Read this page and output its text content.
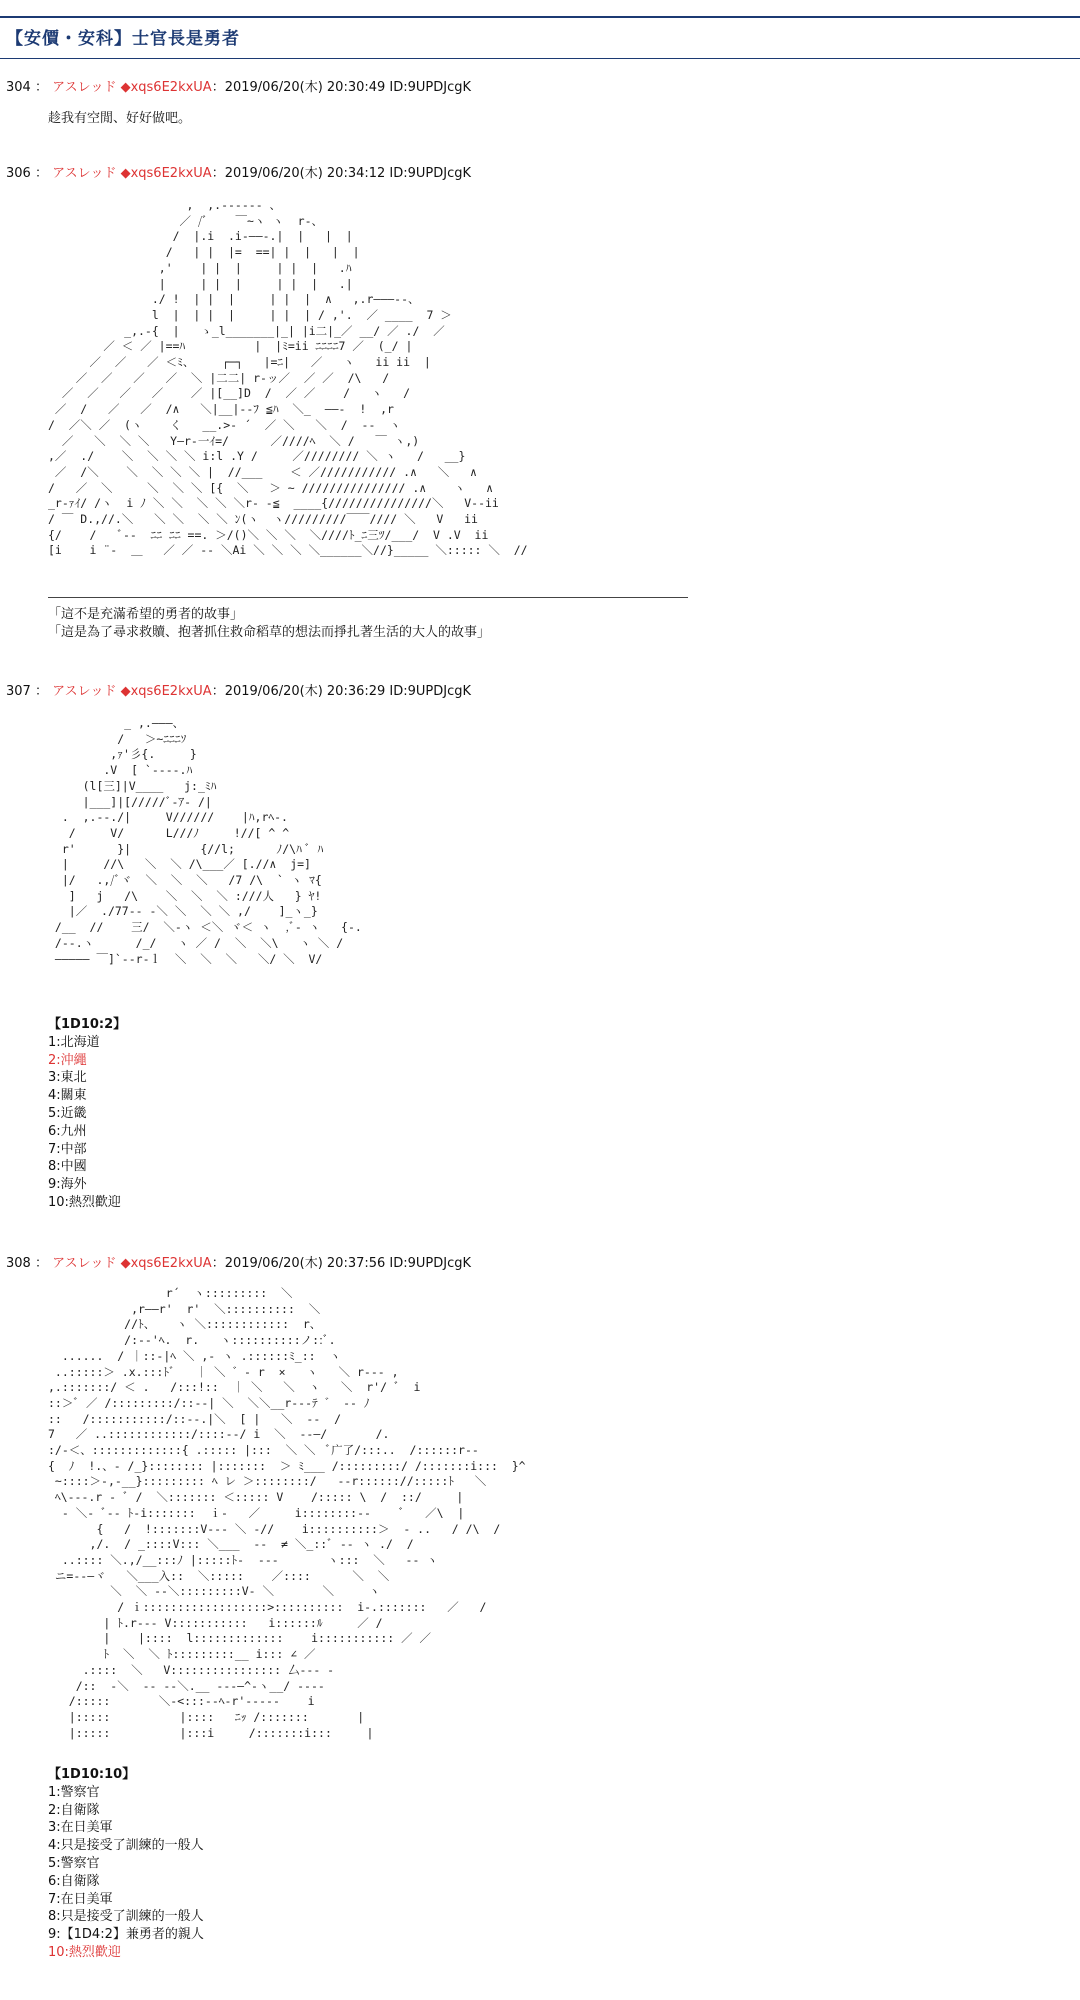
【安價・安科】士官長是勇者
304 ： アスレッド ◆xqs6E2kxUA：2019/06/20(木) 20:30:49 ID:9UPDJcgK
趁我有空閒、好好做吧。
306 ： アスレッド ◆xqs6E2kxUA：2019/06/20(木) 20:34:12 ID:9UPDJcgK
,  ,.-‐‐‐‐‐ 、
／ /ﾞ    ￣~ヽ ヽ  r‐、
/  |.i  .i-――-.|  |   |  |
/   | |  |=  ==| |  |   |  |
,'    | |  |     | |  |   .ﾊ
|     | |  |     | |  |   .|
./ !  | |  |     | |  |  ∧   ,.r―――‐-、
l  |  | |  |     | |  | / ,'.  ／ ____  7 ＞
_,.-{  |   ゝ_l_______|_| |i二|_／ __/ ／ ./  ／
／ ＜ ／ |==ﾊ          |  |ﾐ=ii ﾆﾆﾆﾆ7 ／  (_/ |
／  ／   ／ ＜ﾐ、    ┌─┐   |=ﾆ|   ／   ヽ   ii ii  |
／  ／   ／   ／  ＼ |二二| r‐ッ／  ／ ／  /\   /
／  ／   ／   ／    ／ |[__]D  /  ／ ／    /   ヽ   /
／  /   ／   ／  /∧   ＼|__|‐‐ﾌ ≦ﾊ  ＼_  ――-  !  ,r
/  ／＼ ／  (ヽ    く   __.>‐ ´  ／ ＼   ＼  /  ‐-  ヽ
／   ＼  ＼ ＼   Y―r-一ｲ=/      ／////ﾍ  ＼ /   ￣ ヽ,)
,／  ./    ＼  ＼ ＼ ＼ i:l .Y /     ／//////// ＼ ヽ   /   __}
／  /＼    ＼  ＼ ＼ ＼ |  //___    ＜ ／/////////// .∧   ＼   ∧
/   ／  ＼     ＼  ＼ ＼ [{  ＼   ＞ ~ /////////////// .∧    ヽ   ∧
_r-ｧｲ/ /ヽ  i ﾉ ＼ ＼  ＼ ＼ ＼r‐ ‐≦  ____{///////////////＼   V‐‐ii
/ ￣ D.,//.＼   ＼ ＼  ＼ ＼ ﾝ(ヽ  ヽ/////////￣￣//// ＼   V   ii
{/    /   ﾞ‐‐  ﾆﾆ ﾆﾆ ==. ＞/()＼ ＼ ＼  ＼////ﾄ_ﾆ三ﾂ/___/  V .V  ii
[i    i ¨‐  ＿   ／ ／ ‐‐ ＼Ai ＼ ＼ ＼ ＼______＼//}_____ ＼::::: ＼  //
「這不是充滿希望的勇者的故事」
「這是為了尋求救贖、抱著抓住救命稻草的想法而掙扎著生活的大人的故事」
307 ： アスレッド ◆xqs6E2kxUA：2019/06/20(木) 20:36:29 ID:9UPDJcgK
_ ,.―――、
/   ＞~ﾆﾆﾆｿ
,ｧ'彡{.     }
.V  [ `‐‐‐‐.ﾊ
(l[三]|V____   j:_ﾐﾊ
|___]|[/////ﾞ‐ｱ‐ /|
.  ,.‐‐./|     V//////    |ﾊ,rﾍ‐.
/     V/      L///ﾉ     !//[ ^ ^
r'      }|          {//l;      ﾉ/\ﾊ ﾞ ﾊ
|     //\   ＼  ＼ /\___／ [.//∧  j=]
|/   .,/ﾞヾ  ＼  ＼  ＼   /7 /\  ` ヽ ﾏ{
]   j   /\    ＼  ＼  ＼ :///人   } ﾔ!
|／  ./77‐‐ ‐＼ ＼  ＼ ＼ ,/    ]_ヽ_}
/__  //    三/  ＼‐ヽ ＜＼ ヾ＜ ヽ  ,ﾞ‐ ヽ   {‐.
/‐‐.ヽ      /_/   ヽ ／ /  ＼  ＼\   ヽ ＼ /
――――― ￣]`‐‐r‐ｌ  ＼  ＼  ＼   ＼/ ＼  V/
【1D10:2】
1:北海道
2:沖繩
3:東北
4:關東
5:近畿
6:九州
7:中部
8:中國
9:海外
10:熱烈歡迎
308 ： アスレッド ◆xqs6E2kxUA：2019/06/20(木) 20:37:56 ID:9UPDJcgK
r´  ヽ:::::::::  ＼
,r――r'  r'  ＼::::::::::  ＼
//ﾄ、   ヽ ＼::::::::::::  r、
/:‐‐'ﾍ.  r.   ヽ::::::::::ノ::ﾞ.
......  / ｜::‐|ﾍ ＼ ,‐ ヽ .::::::ﾐ_::  ヽ
..:::::＞ .x.:::ﾄﾞ   ｜ ＼ ゛‐ r  ×   ヽ   ＼ r‐‐‐ ,
,.:::::::/ ＜ .   /:::!::  ｜ ＼   ＼  ヽ   ＼  r'/ ﾞ  i
::＞ﾞ ／ /:::::::::/::‐‐| ＼  ＼＼__r‐‐‐ﾃ ゛ ‐‐ ﾉ
::   /:::::::::::/::‐‐.|＼  [ |   ＼  ‐‐  /
7   ／ ..::::::::::::/::::‐‐/ i  ＼  ‐‐―/       /.
:/‐＜、:::::::::::::{ .::::: |:::  ＼ ＼  ﾞ广了/:::..  /::::::r‐‐
{  ﾉ  !.、‐ /_}:::::::: |:::::::  ＞ ﾐ___ /:::::::::/ /:::::::i:::  }^
~::::＞‐,‐__}::::::::: ﾍ レ ＞::::::::/   ‐‐r:::::://:::::ﾄ   ＼
ﾍ\‐‐‐.r ‐ ﾞ /  ＼::::::: ＜::::: V    /::::: \  /  ::/     |
‐ ＼‐ ﾞ‐‐ ﾄ‐i:::::::  ｉ‐   ／     i::::::::‐‐    ﾞ   ／\  |
{   /  !:::::::V‐‐‐ ＼ ‐//    i::::::::::＞  ‐ ..   / /\  /
,/.  / _::::V::: ＼___  ‐‐  ≠ ＼_::ﾞ ‐‐ ヽ ./  /
..:::: ＼.,/__:::ﾉ |:::::ﾄ‐  ‐‐‐       ヽ:::  ＼   ‐‐ ヽ
ニ=‐‐―ヾ   ＼___入::  ＼:::::    ／::::      ＼  ＼
＼  ＼ ‐‐＼:::::::::V‐ ＼       ＼     ヽ
/ ｉ::::::::::::::::::>::::::::::  i‐.:::::::   ／   /
| ﾄ.r‐‐‐ V:::::::::::   i::::::ﾙ     ／ /
|    |::::  l:::::::::::::    i::::::::::: ／ ／
ﾄ  ＼  ＼ ﾄ:::::::::__ i::: ∠ ／
.::::  ＼   V:::::::::::::::: 厶‐‐‐ ‐
/::  ‐＼  ‐‐ ‐‐＼.__ ‐‐‐―^‐ヽ__/ ‐‐‐‐
/:::::       ＼‐<:::‐‐ﾍ‐r'‐‐‐‐‐    i
|:::::          |::::   ﾆｯ /:::::::       |
|:::::          |:::i     /:::::::i:::     |
【1D10:10】
1:警察官
2:自衛隊
3:在日美軍
4:只是接受了訓練的一般人
5:警察官
6:自衛隊
7:在日美軍
8:只是接受了訓練的一般人
9:【1D4:2】兼勇者的親人
10:熱烈歡迎
